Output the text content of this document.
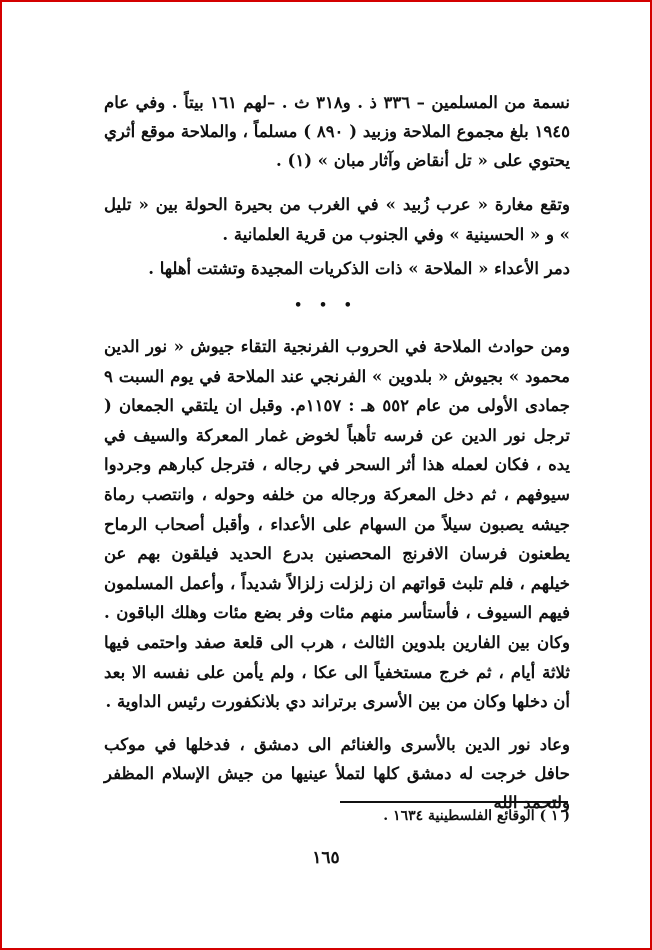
نسمة من المسلمين – ٣٣٦ ذ . و٣١٨ ث . –لهم ١٦١ بيتاً . وفي عام ١٩٤٥ بلغ مجموع الملاحة وزبيد ( ٨٩٠ ) مسلماً ، والملاحة موقع أثري يحتوي على « تل أنقاض وآثار مبان » (١) .

وتقع مغارة « عرب زُبيد » في الغرب من بحيرة الحولة بين « تليل » و « الحسينية » وفي الجنوب من قرية العلمانية .

دمر الأعداء « الملاحة » ذات الذكريات المجيدة وتشتت أهلها .

• • •

ومن حوادث الملاحة في الحروب الفرنجية التقاء جيوش « نور الدين محمود » بجيوش « بلدوين » الفرنجي عند الملاحة في يوم السبت ٩ جمادى الأولى من عام ٥٥٢ هـ : ١١٥٧م. وقبل ان يلتقي الجمعان ( ترجل نور الدين عن فرسه تأهباً لخوض غمار المعركة والسيف في يده ، فكان لعمله هذا أثر السحر في رجاله ، فترجل كبارهم وجردوا سيوفهم ، ثم دخل المعركة ورجاله من خلفه وحوله ، وانتصب رماة جيشه يصبون سيلاً من السهام على الأعداء ، وأقبل أصحاب الرماح يطعنون فرسان الافرنج المحصنين بدرع الحديد فيلقون بهم عن خيلهم ، فلم تلبث قواتهم ان زلزلت زلزالاً شديداً ، وأعمل المسلمون فيهم السيوف ، فأستأسر منهم مئات وفر بضع مئات وهلك الباقون . وكان بين الفارين بلدوين الثالث ، هرب الى قلعة صفد واحتمى فيها ثلاثة أيام ، ثم خرج مستخفياً الى عكا ، ولم يأمن على نفسه الا بعد أن دخلها وكان من بين الأسرى برتراند دي بلانكفورت رئيس الداوية .

وعاد نور الدين بالأسرى والغنائم الى دمشق ، فدخلها في موكب حافل خرجت له دمشق كلها لتملأ عينيها من جيش الإسلام المظفر ولتحمد الله

( ١ ) الوقائع الفلسطينية ١٦٣٤ .
١٦٥
